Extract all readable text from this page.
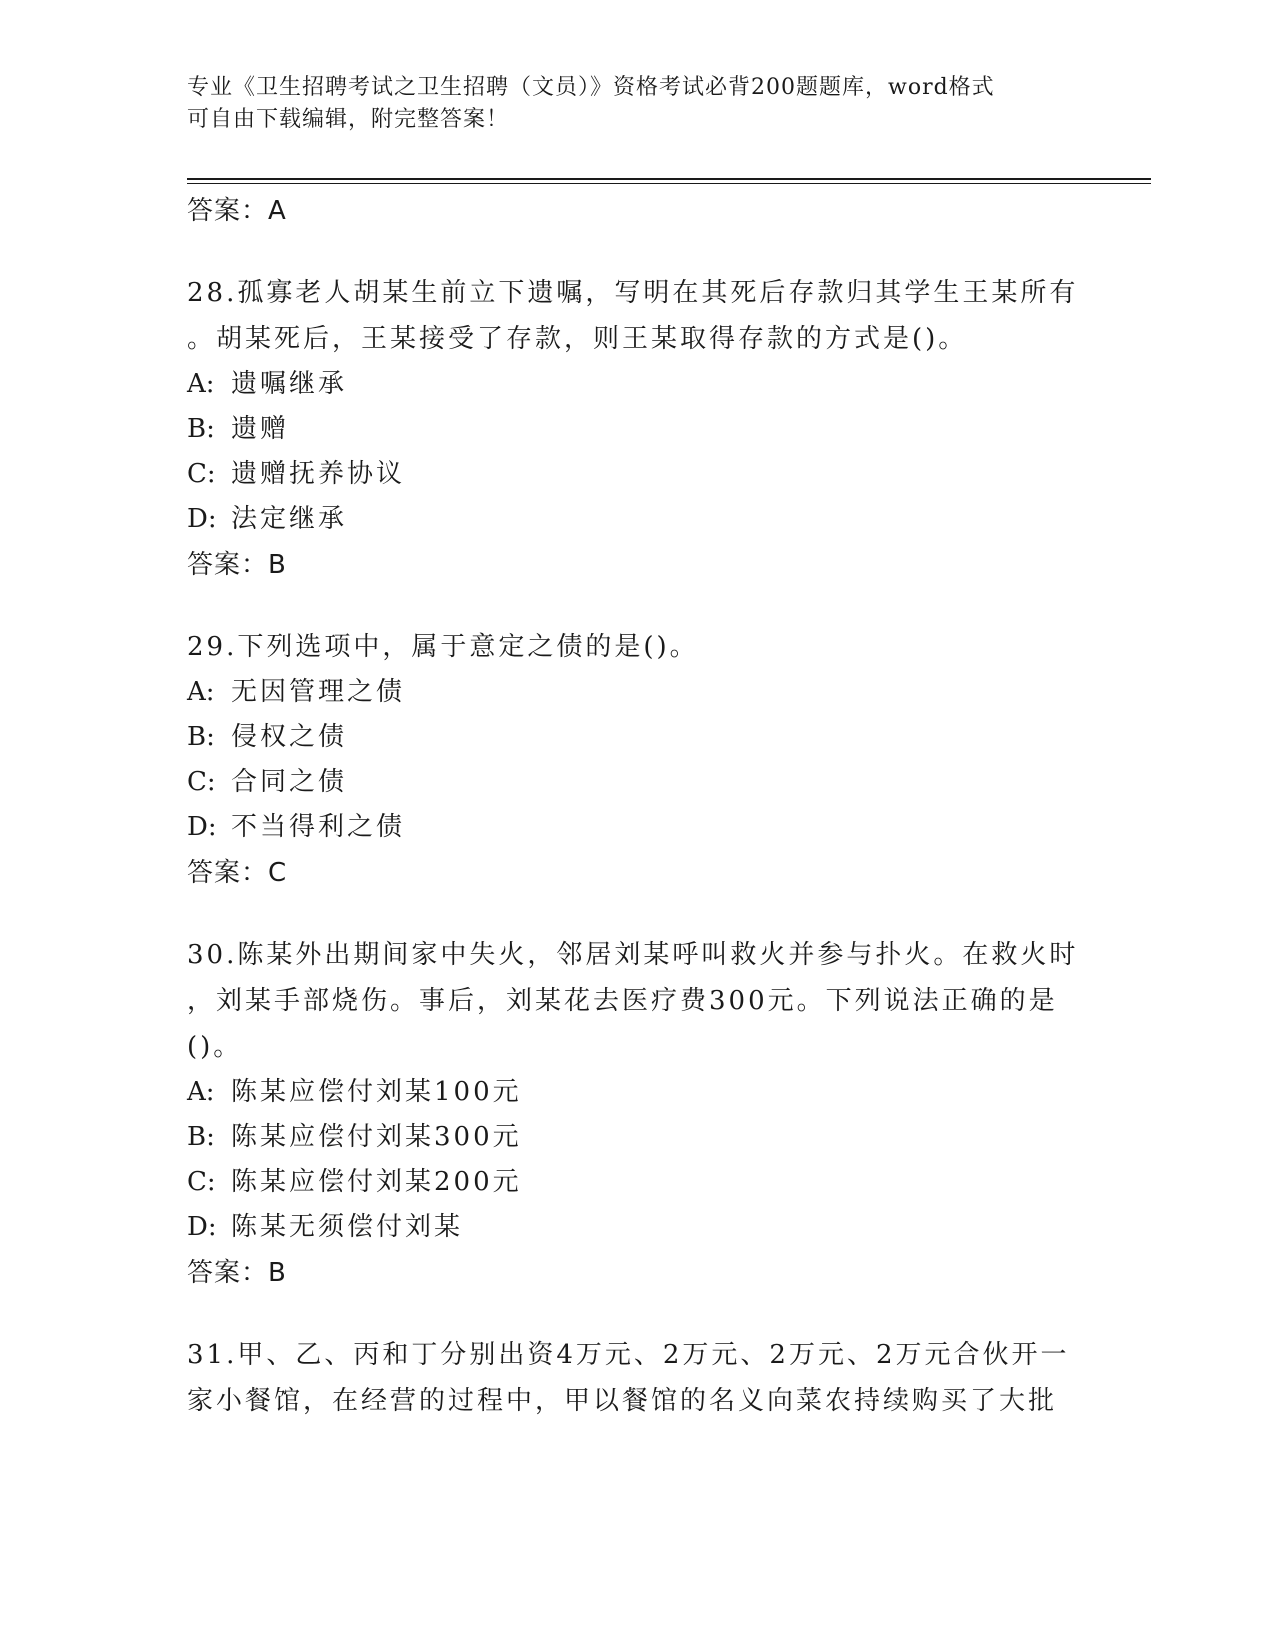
专业《卫生招聘考试之卫生招聘（文员）》资格考试必背200题题库，word格式
可自由下载编辑，附完整答案！
答案：A
28.孤寡老人胡某生前立下遗嘱，写明在其死后存款归其学生王某所有
。胡某死后，王某接受了存款，则王某取得存款的方式是()。
A: 遗嘱继承
B: 遗赠
C: 遗赠抚养协议
D: 法定继承
答案：B
29.下列选项中，属于意定之债的是()。
A: 无因管理之债
B: 侵权之债
C: 合同之债
D: 不当得利之债
答案：C
30.陈某外出期间家中失火，邻居刘某呼叫救火并参与扑火。在救火时
，刘某手部烧伤。事后，刘某花去医疗费300元。下列说法正确的是
()。
A: 陈某应偿付刘某100元
B: 陈某应偿付刘某300元
C: 陈某应偿付刘某200元
D: 陈某无须偿付刘某
答案：B
31.甲、乙、丙和丁分别出资4万元、2万元、2万元、2万元合伙开一
家小餐馆，在经营的过程中，甲以餐馆的名义向菜农持续购买了大批
